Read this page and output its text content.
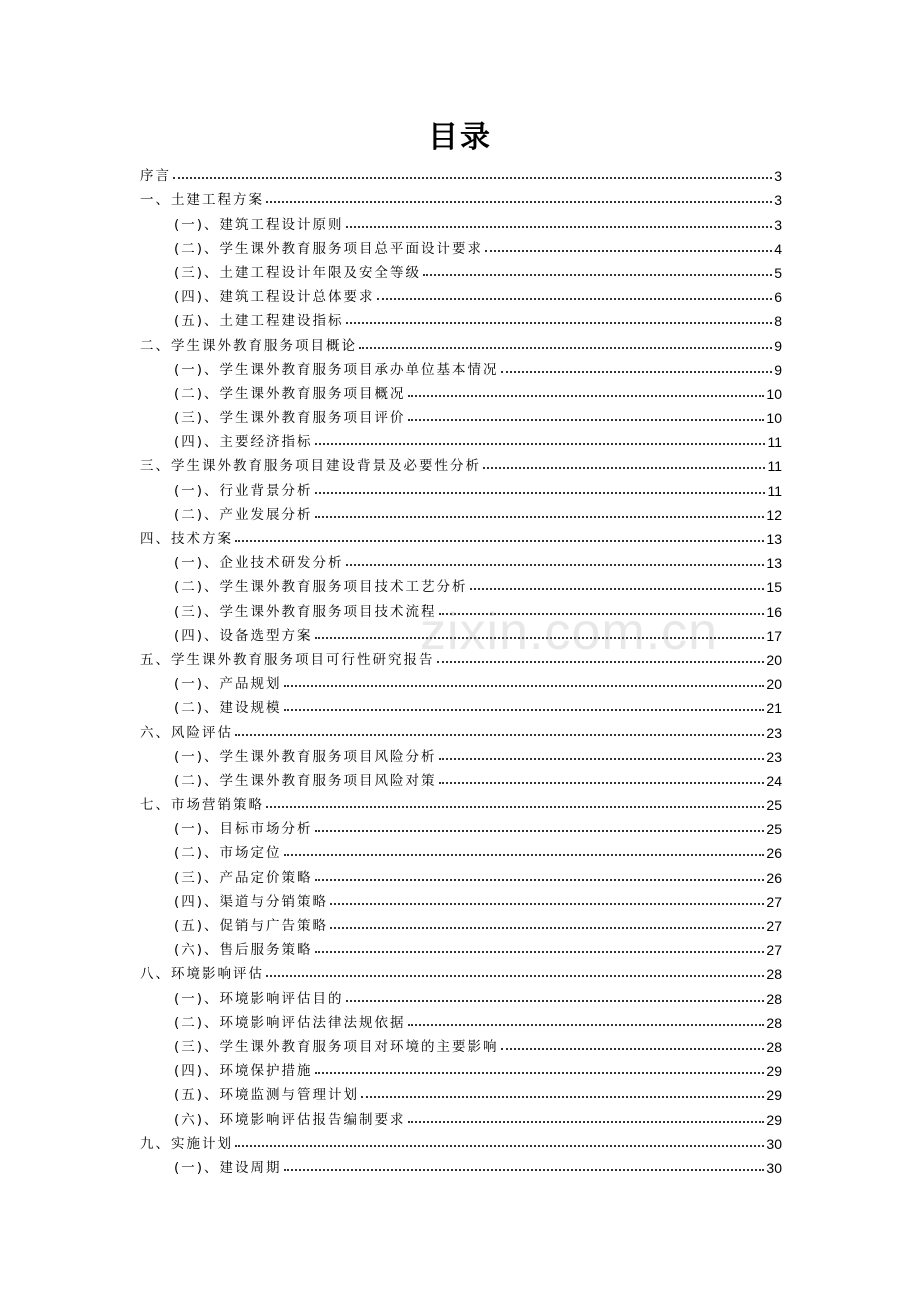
目录
序言	3
一、土建工程方案	3
(一)、建筑工程设计原则	3
(二)、学生课外教育服务项目总平面设计要求	4
(三)、土建工程设计年限及安全等级	5
(四)、建筑工程设计总体要求	6
(五)、土建工程建设指标	8
二、学生课外教育服务项目概论	9
(一)、学生课外教育服务项目承办单位基本情况	9
(二)、学生课外教育服务项目概况	10
(三)、学生课外教育服务项目评价	10
(四)、主要经济指标	11
三、学生课外教育服务项目建设背景及必要性分析	11
(一)、行业背景分析	11
(二)、产业发展分析	12
四、技术方案	13
(一)、企业技术研发分析	13
(二)、学生课外教育服务项目技术工艺分析	15
(三)、学生课外教育服务项目技术流程	16
(四)、设备选型方案	17
五、学生课外教育服务项目可行性研究报告	20
(一)、产品规划	20
(二)、建设规模	21
六、风险评估	23
(一)、学生课外教育服务项目风险分析	23
(二)、学生课外教育服务项目风险对策	24
七、市场营销策略	25
(一)、目标市场分析	25
(二)、市场定位	26
(三)、产品定价策略	26
(四)、渠道与分销策略	27
(五)、促销与广告策略	27
(六)、售后服务策略	27
八、环境影响评估	28
(一)、环境影响评估目的	28
(二)、环境影响评估法律法规依据	28
(三)、学生课外教育服务项目对环境的主要影响	28
(四)、环境保护措施	29
(五)、环境监测与管理计划	29
(六)、环境影响评估报告编制要求	29
九、实施计划	30
(一)、建设周期	30
zixin.com.cn
